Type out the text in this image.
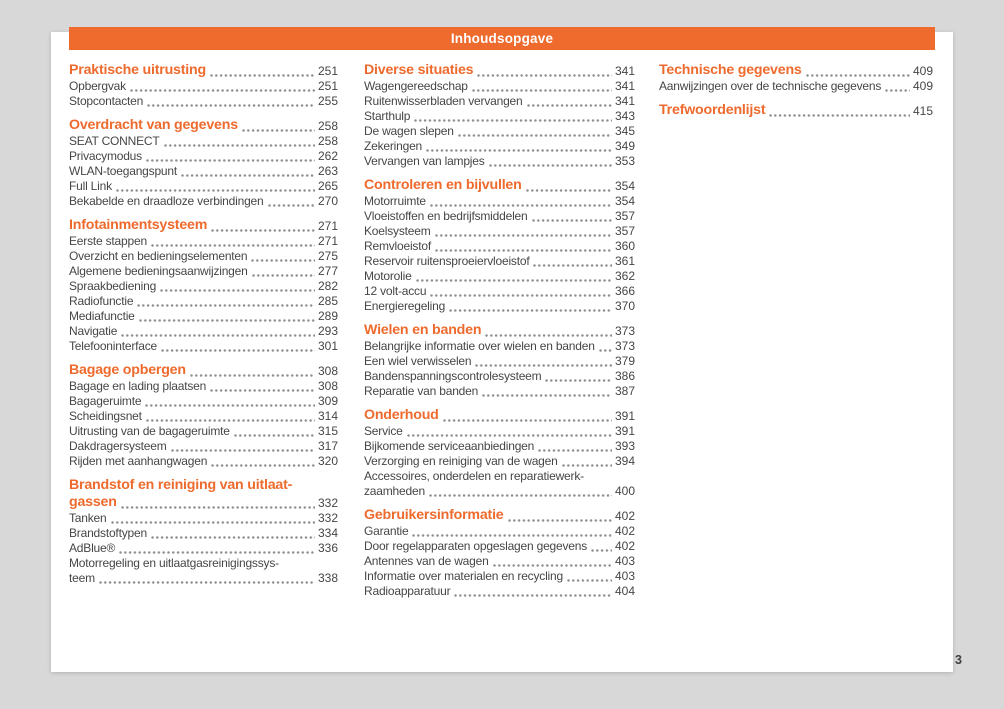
Inhoudsopgave
Praktische uitrusting	251
Opbergvak	251
Stopcontacten	255
Overdracht van gegevens	258
SEAT CONNECT	258
Privacymodus	262
WLAN-toegangspunt	263
Full Link	265
Bekabelde en draadloze verbindingen	270
Infotainmentsysteem	271
Eerste stappen	271
Overzicht en bedieningselementen	275
Algemene bedieningsaanwijzingen	277
Spraakbediening	282
Radiofunctie	285
Mediafunctie	289
Navigatie	293
Telefooninterface	301
Bagage opbergen	308
Bagage en lading plaatsen	308
Bagageruimte	309
Scheidingsnet	314
Uitrusting van de bagageruimte	315
Dakdragersysteem	317
Rijden met aanhangwagen	320
Brandstof en reiniging van uitlaat-
gassen	332
Tanken	332
Brandstoftypen	334
AdBlue®	336
Motorregeling en uitlaatgasreinigingssys-
teem	338
Diverse situaties	341
Wagengereedschap	341
Ruitenwisserbladen vervangen	341
Starthulp	343
De wagen slepen	345
Zekeringen	349
Vervangen van lampjes	353
Controleren en bijvullen	354
Motorruimte	354
Vloeistoffen en bedrijfsmiddelen	357
Koelsysteem	357
Remvloeistof	360
Reservoir ruitensproeiervloeistof	361
Motorolie	362
12 volt-accu	366
Energieregeling	370
Wielen en banden	373
Belangrijke informatie over wielen en banden 373
Een wiel verwisselen	379
Bandenspanningscontrolesysteem	386
Reparatie van banden	387
Onderhoud	391
Service	391
Bijkomende serviceaanbiedingen	393
Verzorging en reiniging van de wagen	394
Accessoires, onderdelen en reparatiewerk-
zaamheden	400
Gebruikersinformatie	402
Garantie	402
Door regelapparaten opgeslagen gegevens 402
Antennes van de wagen	403
Informatie over materialen en recycling	403
Radioapparatuur	404
Technische gegevens	409
Aanwijzingen over de technische gegevens	409
Trefwoordenlijst	415
3
